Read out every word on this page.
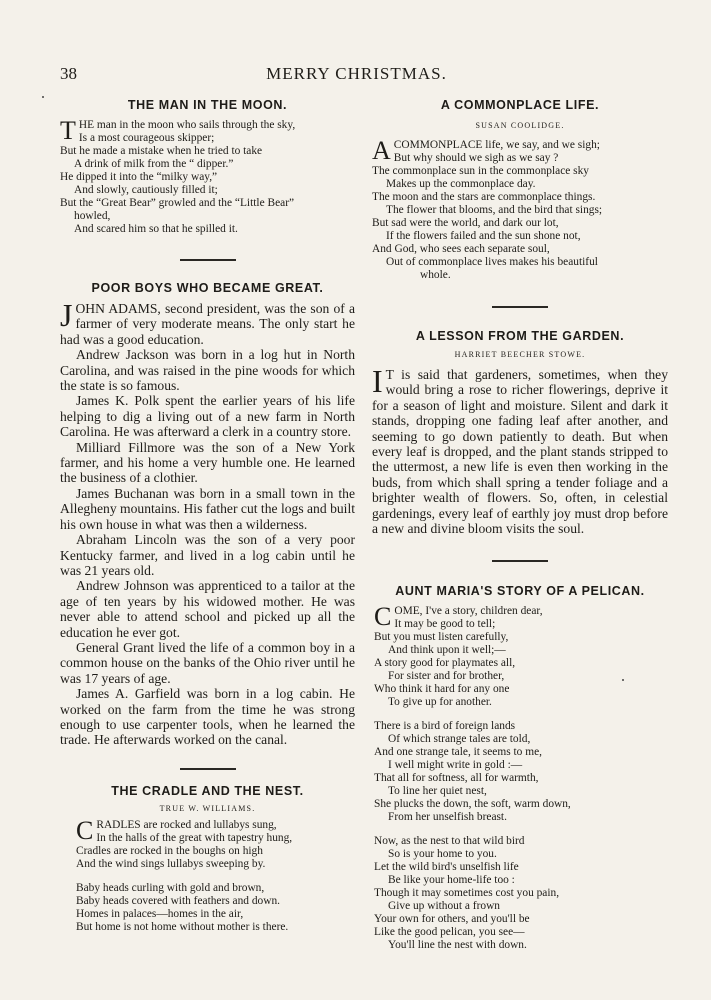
38	MERRY CHRISTMAS.
THE MAN IN THE MOON.
T HE man in the moon who sails through the sky,
Is a most courageous skipper;
But he made a mistake when he tried to take
A drink of milk from the “ dipper.”
He dipped it into the “milky way,”
And slowly, cautiously filled it;
But the “Great Bear” growled and the “Little Bear”
howled,
And scared him so that he spilled it.
POOR BOYS WHO BECAME GREAT.

JOHN ADAMS, second president, was the son of a farmer of very moderate means. The only start he had was a good education.

Andrew Jackson was born in a log hut in North Carolina, and was raised in the pine woods for which the state is so famous.

James K. Polk spent the earlier years of his life helping to dig a living out of a new farm in North Carolina. He was afterward a clerk in a country store.

Milliard Fillmore was the son of a New York farmer, and his home a very humble one. He learned the business of a clothier.

James Buchanan was born in a small town in the Allegheny mountains. His father cut the logs and built his own house in what was then a wilderness.

Abraham Lincoln was the son of a very poor Kentucky farmer, and lived in a log cabin until he was 21 years old.

Andrew Johnson was apprenticed to a tailor at the age of ten years by his widowed mother. He was never able to attend school and picked up all the education he ever got.

General Grant lived the life of a common boy in a common house on the banks of the Ohio river until he was 17 years of age.

James A. Garfield was born in a log cabin. He worked on the farm from the time he was strong enough to use carpenter tools, when he learned the trade. He afterwards worked on the canal.

THE CRADLE AND THE NEST.
TRUE W. WILLIAMS.
C RADLES are rocked and lullabys sung,
In the halls of the great with tapestry hung,
Cradles are rocked in the boughs on high
And the wind sings lullabys sweeping by.
Baby heads curling with gold and brown,
Baby heads covered with feathers and down.
Homes in palaces—homes in the air,
But home is not home without mother is there.
A COMMONPLACE LIFE.
SUSAN COOLIDGE.
A COMMONPLACE life, we say, and we sigh;
But why should we sigh as we say ?
The commonplace sun in the commonplace sky
Makes up the commonplace day.
The moon and the stars are commonplace things.
The flower that blooms, and the bird that sings;
But sad were the world, and dark our lot,
If the flowers failed and the sun shone not,
And God, who sees each separate soul,
Out of commonplace lives makes his beautiful
whole.
A LESSON FROM THE GARDEN.
HARRIET BEECHER STOWE.

I T is said that gardeners, sometimes, when they would bring a rose to richer flowerings, deprive it for a season of light and moisture. Silent and dark it stands, dropping one fading leaf after another, and seeming to go down patiently to death. But when every leaf is dropped, and the plant stands stripped to the uttermost, a new life is even then working in the buds, from which shall spring a tender foliage and a brighter wealth of flowers. So, often, in celestial gardenings, every leaf of earthly joy must drop before a new and divine bloom visits the soul.

AUNT MARIA'S STORY OF A PELICAN.
C OME, I've a story, children dear,
It may be good to tell;
But you must listen carefully,
And think upon it well;—
A story good for playmates all,
For sister and for brother,
Who think it hard for any one
To give up for another.
There is a bird of foreign lands
Of which strange tales are told,
And one strange tale, it seems to me,
I well might write in gold :—
That all for softness, all for warmth,
To line her quiet nest,
She plucks the down, the soft, warm down,
From her unselfish breast.
Now, as the nest to that wild bird
So is your home to you.
Let the wild bird's unselfish life
Be like your home-life too :
Though it may sometimes cost you pain,
Give up without a frown
Your own for others, and you'll be
Like the good pelican, you see—
You'll line the nest with down.
